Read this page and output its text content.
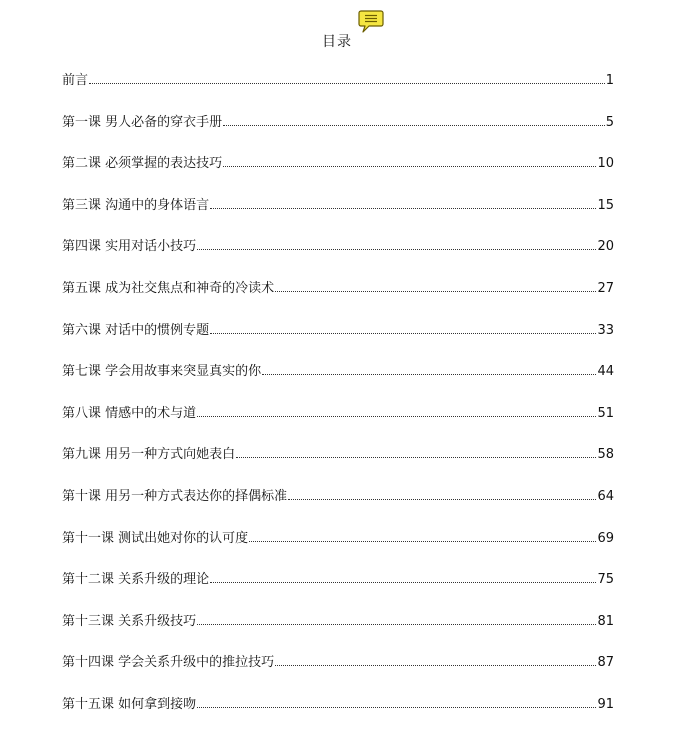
目录
前言	1
第一课 男人必备的穿衣手册	5
第二课 必须掌握的表达技巧	10
第三课 沟通中的身体语言	15
第四课 实用对话小技巧	20
第五课 成为社交焦点和神奇的冷读术	27
第六课 对话中的惯例专题	33
第七课 学会用故事来突显真实的你	44
第八课 情感中的术与道	51
第九课 用另一种方式向她表白	58
第十课 用另一种方式表达你的择偶标准	64
第十一课 测试出她对你的认可度	69
第十二课 关系升级的理论	75
第十三课 关系升级技巧	81
第十四课 学会关系升级中的推拉技巧	87
第十五课 如何拿到接吻	91
